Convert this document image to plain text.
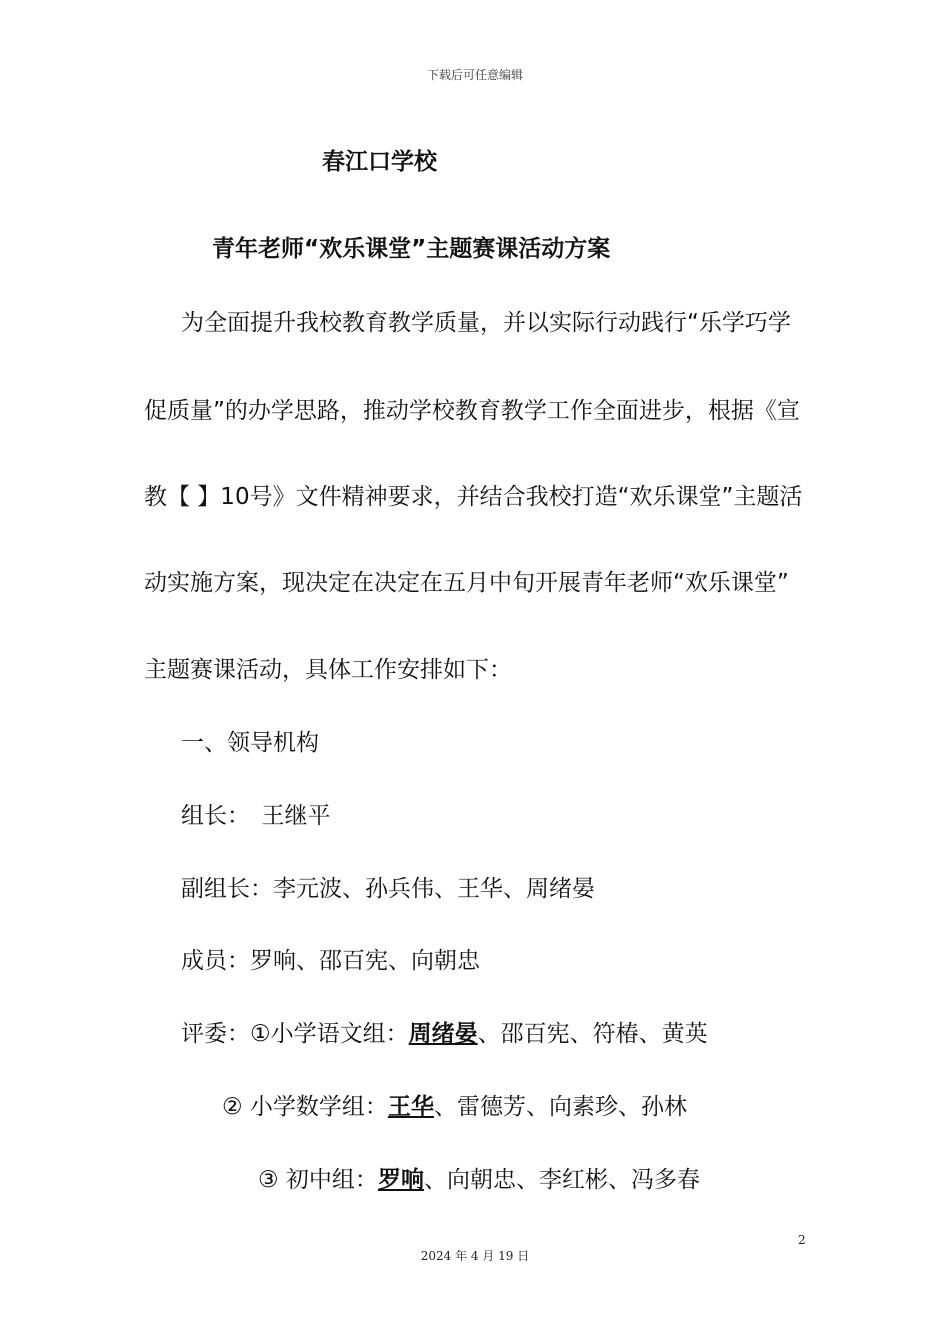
下载后可任意编辑
春江口学校
青年老师“欢乐课堂”主题赛课活动方案
为全面提升我校教育教学质量，并以实际行动践行“乐学巧学
促质量”的办学思路，推动学校教育教学工作全面进步，根据《宣
教【 】10号》文件精神要求，并结合我校打造“欢乐课堂”主题活
动实施方案，现决定在决定在五月中旬开展青年老师“欢乐课堂”
主题赛课活动，具体工作安排如下：
一、领导机构
组长：　王继平
副组长：李元波、孙兵伟、王华、周绪晏
成员：罗响、邵百宪、向朝忠
评委：①小学语文组：周绪晏、邵百宪、符椿、黄英
② 小学数学组：王华、雷德芳、向素珍、孙林
③ 初中组：罗响、向朝忠、李红彬、冯多春
2
2024 年 4 月 19 日
